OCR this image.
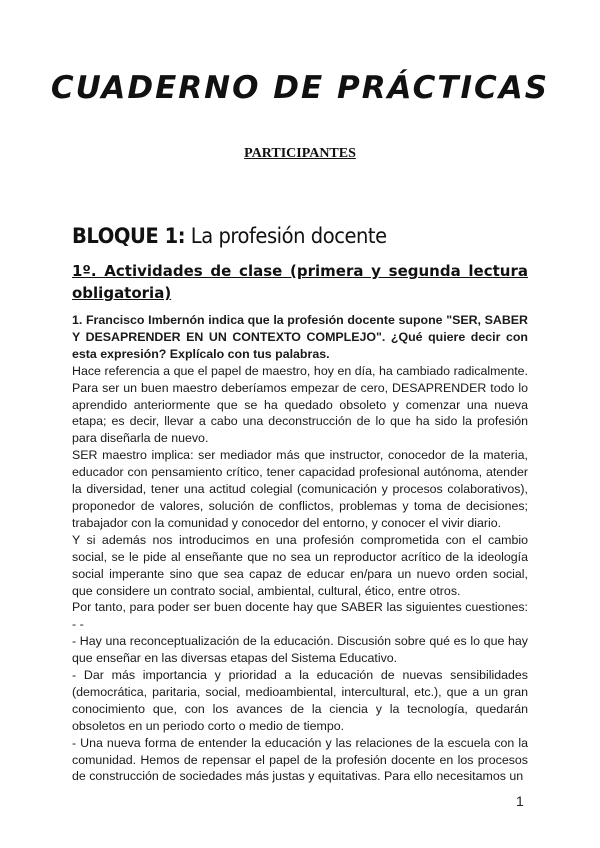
CUADERNO DE PRÁCTICAS
PARTICIPANTES
BLOQUE 1: La profesión docente
1º. Actividades de clase (primera y segunda lectura obligatoria)

1. Francisco Imbernón indica que la profesión docente supone "SER, SABER Y DESAPRENDER EN UN CONTEXTO COMPLEJO". ¿Qué quiere decir con esta expresión? Explícalo con tus palabras.

Hace referencia a que el papel de maestro, hoy en día, ha cambiado radicalmente. Para ser un buen maestro deberíamos empezar de cero, DESAPRENDER todo lo aprendido anteriormente que se ha quedado obsoleto y comenzar una nueva etapa; es decir, llevar a cabo una deconstrucción de lo que ha sido la profesión para diseñarla de nuevo.

SER maestro implica: ser mediador más que instructor, conocedor de la materia, educador con pensamiento crítico, tener capacidad profesional autónoma, atender la diversidad, tener una actitud colegial (comunicación y procesos colaborativos), proponedor de valores, solución de conflictos, problemas y toma de decisiones; trabajador con la comunidad y conocedor del entorno, y conocer el vivir diario.

Y si además nos introducimos en una profesión comprometida con el cambio social, se le pide al enseñante que no sea un reproductor acrítico de la ideología social imperante sino que sea capaz de educar en/para un nuevo orden social, que considere un contrato social, ambiental, cultural, ético, entre otros.

Por tanto, para poder ser buen docente hay que SABER las siguientes cuestiones: - -

- Hay una reconceptualización de la educación. Discusión sobre qué es lo que hay que enseñar en las diversas etapas del Sistema Educativo.

- Dar más importancia y prioridad a la educación de nuevas sensibilidades (democrática, paritaria, social, medioambiental, intercultural, etc.), que a un gran conocimiento que, con los avances de la ciencia y la tecnología, quedarán obsoletos en un periodo corto o medio de tiempo.

- Una nueva forma de entender la educación y las relaciones de la escuela con la comunidad. Hemos de repensar el papel de la profesión docente en los procesos de construcción de sociedades más justas y equitativas. Para ello necesitamos un

1
